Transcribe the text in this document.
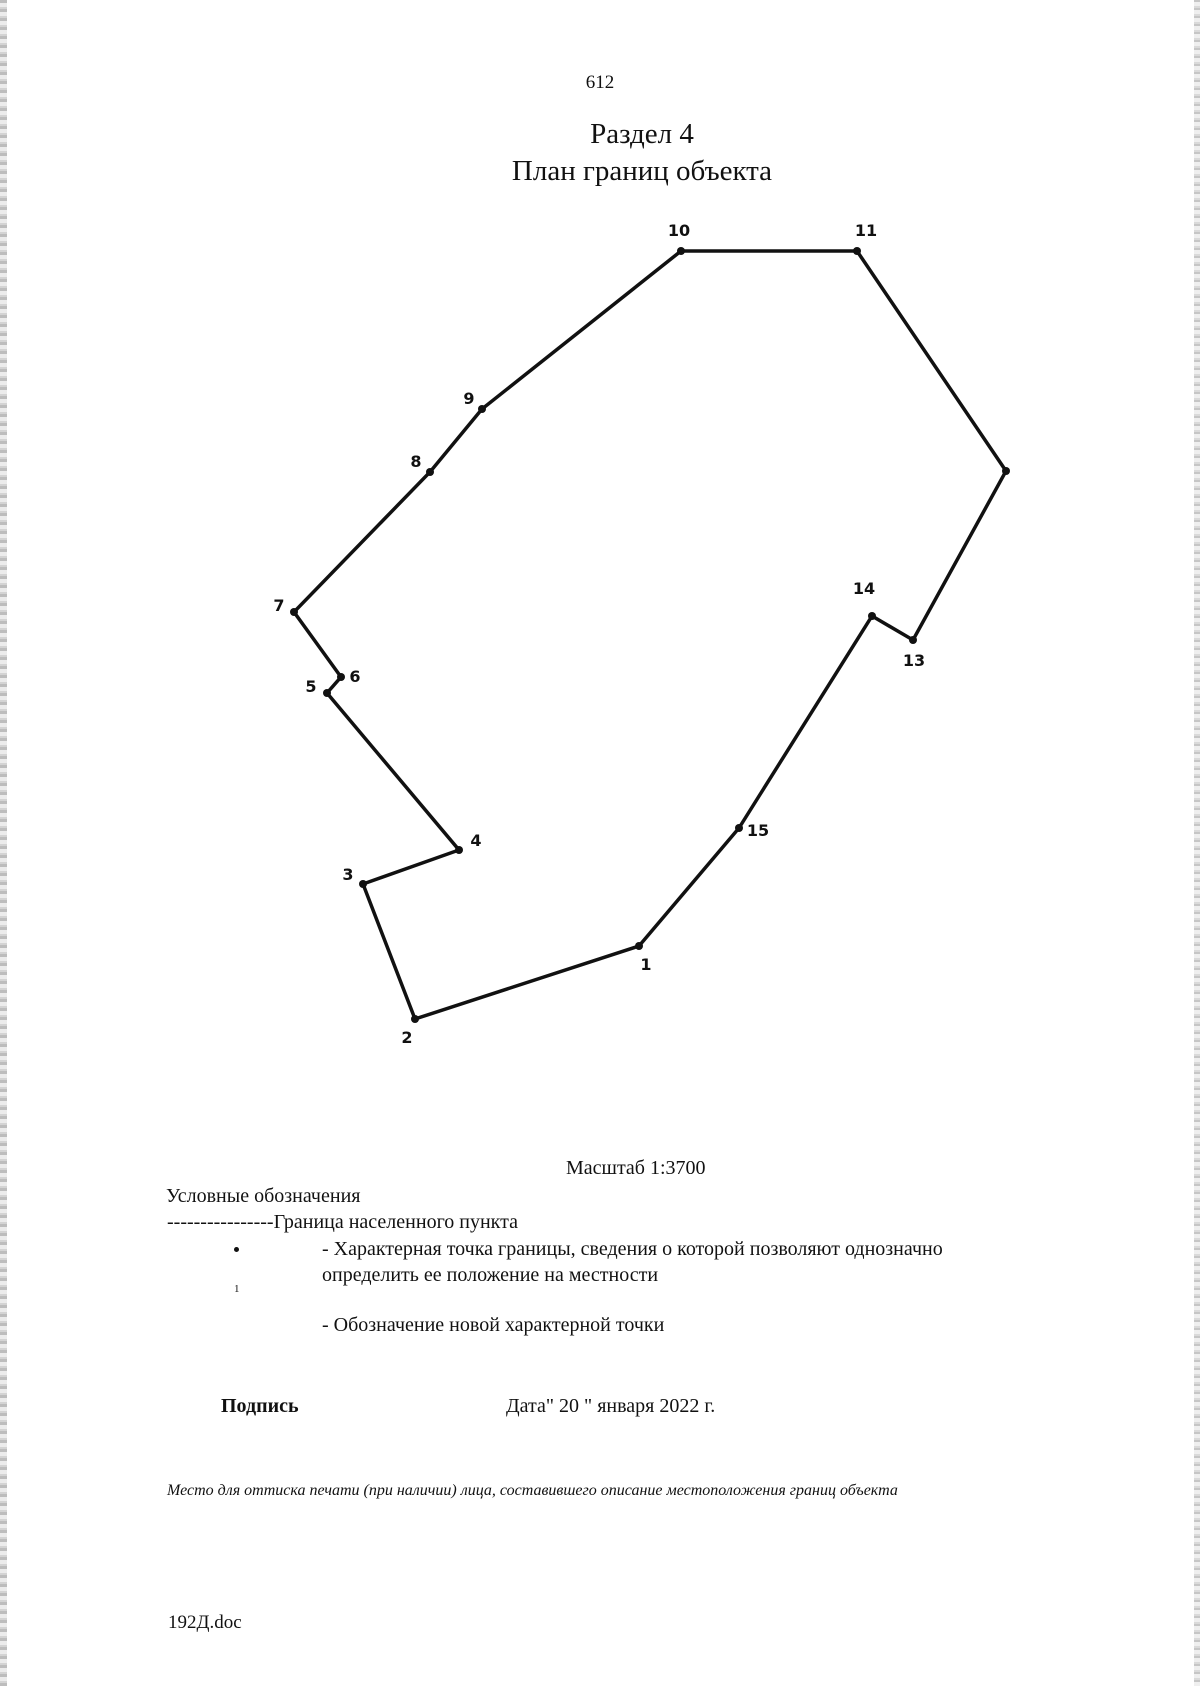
612
Раздел 4
План границ объекта
1
2
3
4
5
6
7
8
9
10	11
13
14
15
Масштаб 1:3700
Условные обозначения
----------------Граница населенного пункта
- Характерная точка границы, сведения о которой позволяют однозначно определить ее положение на местности
1
- Обозначение новой характерной точки
Подпись	Дата" 20 " января 2022 г.
Место для оттиска печати (при наличии) лица, составившего описание местоположения границ объекта
192Д.doc
